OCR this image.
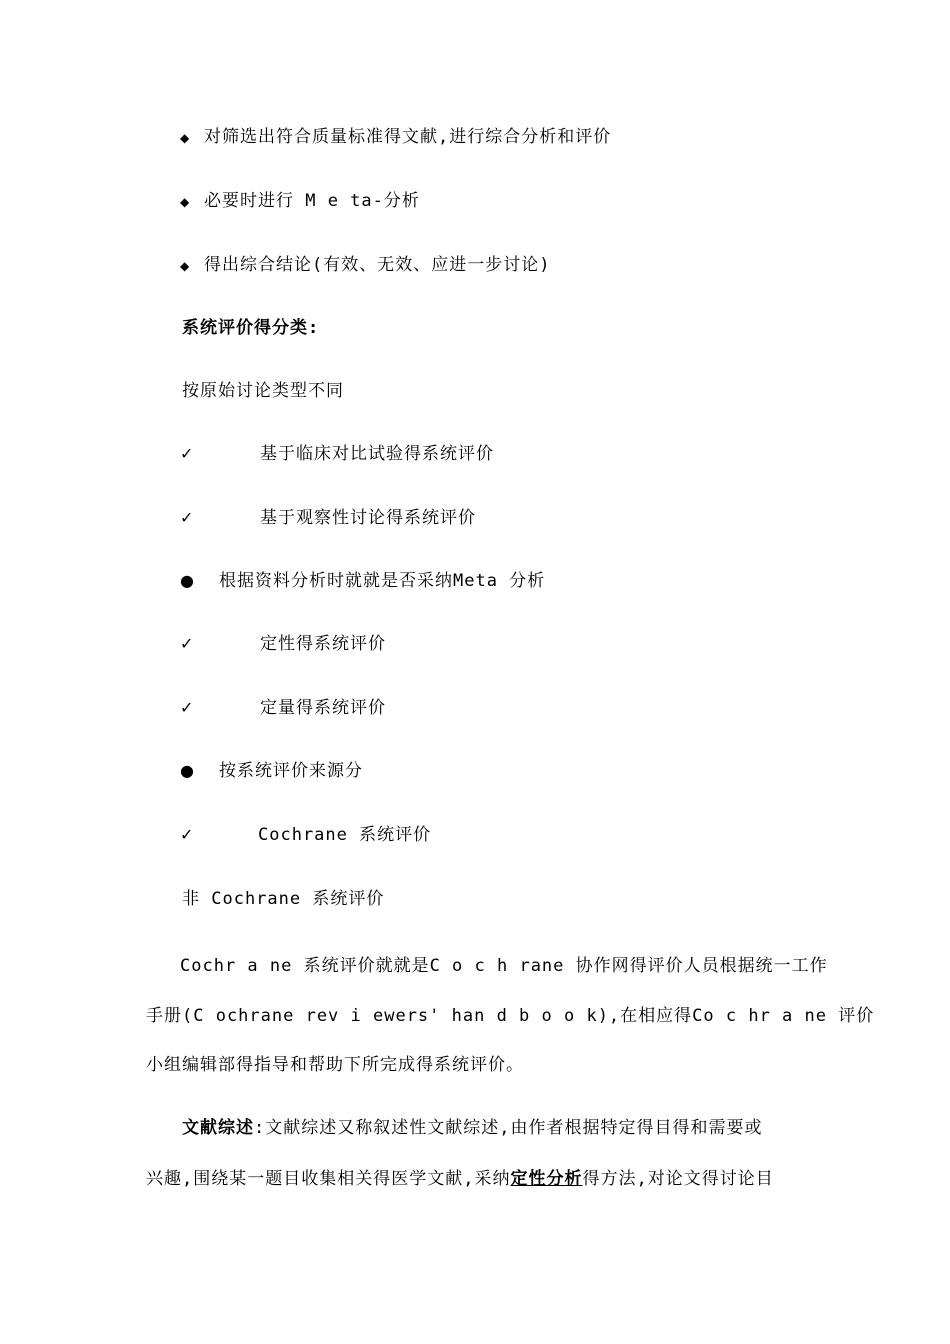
◆ 对筛选出符合质量标准得文献,进行综合分析和评价
◆ 必要时进行 M e ta-分析
◆ 得出综合结论(有效、无效、应进一步讨论)
系统评价得分类:
按原始讨论类型不同
✓	基于临床对比试验得系统评价
✓	基于观察性讨论得系统评价
● 根据资料分析时就就是否采纳Meta 分析
✓	定性得系统评价
✓	定量得系统评价
● 按系统评价来源分
✓	Cochrane 系统评价
非 Cochrane 系统评价
Cochr a ne 系统评价就就是C o c h rane 协作网得评价人员根据统一工作
手册(C ochrane rev i ewers' han d b o o k),在相应得Co c hr a ne 评价
小组编辑部得指导和帮助下所完成得系统评价。
文献综述:文献综述又称叙述性文献综述,由作者根据特定得目得和需要或
兴趣,围绕某一题目收集相关得医学文献,采纳定性分析得方法,对论文得讨论目
